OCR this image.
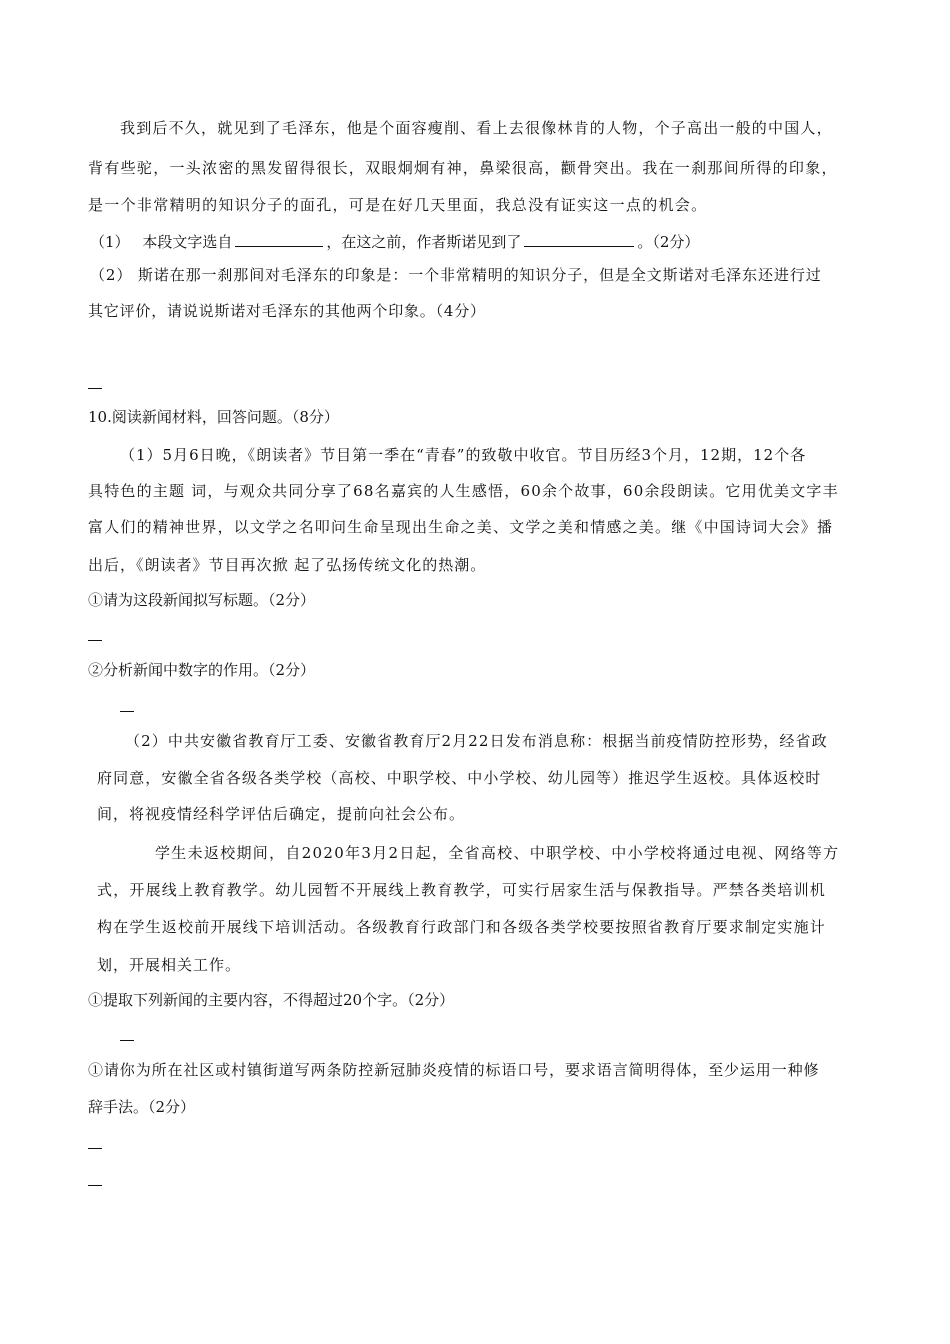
我到后不久，就见到了毛泽东，他是个面容瘦削、看上去很像林肯的人物，个子高出一般的中国人，
背有些驼，一头浓密的黑发留得很长，双眼炯炯有神，鼻梁很高，颧骨突出。我在一刹那间所得的印象，
是一个非常精明的知识分子的面孔，可是在好几天里面，我总没有证实这一点的机会。
（1） 本段文字选自	，在这之前，作者斯诺见到了	。（2分）
（2） 斯诺在那一刹那间对毛泽东的印象是：一个非常精明的知识分子，但是全文斯诺对毛泽东还进行过
其它评价，请说说斯诺对毛泽东的其他两个印象。（4分）
10.阅读新闻材料，回答问题。（8分）
（1）5月6日晚，《朗读者》节目第一季在“青春”的致敬中收官。节目历经3个月，12期，12个各
具特色的主题 词，与观众共同分享了68名嘉宾的人生感悟，60余个故事，60余段朗读。它用优美文字丰
富人们的精神世界，以文学之名叩问生命呈现出生命之美、文学之美和情感之美。继《中国诗词大会》播
出后，《朗读者》节目再次掀 起了弘扬传统文化的热潮。
①请为这段新闻拟写标题。（2分）
②分析新闻中数字的作用。（2分）
（2）中共安徽省教育厅工委、安徽省教育厅2月22日发布消息称：根据当前疫情防控形势，经省政
府同意，安徽全省各级各类学校（高校、中职学校、中小学校、幼儿园等）推迟学生返校。具体返校时
间，将视疫情经科学评估后确定，提前向社会公布。
学生未返校期间，自2020年3月2日起，全省高校、中职学校、中小学校将通过电视、网络等方
式，开展线上教育教学。幼儿园暂不开展线上教育教学，可实行居家生活与保教指导。严禁各类培训机
构在学生返校前开展线下培训活动。各级教育行政部门和各级各类学校要按照省教育厅要求制定实施计
划，开展相关工作。
①提取下列新闻的主要内容，不得超过20个字。（2分）
①请你为所在社区或村镇街道写两条防控新冠肺炎疫情的标语口号，要求语言简明得体，至少运用一种修
辞手法。（2分）
